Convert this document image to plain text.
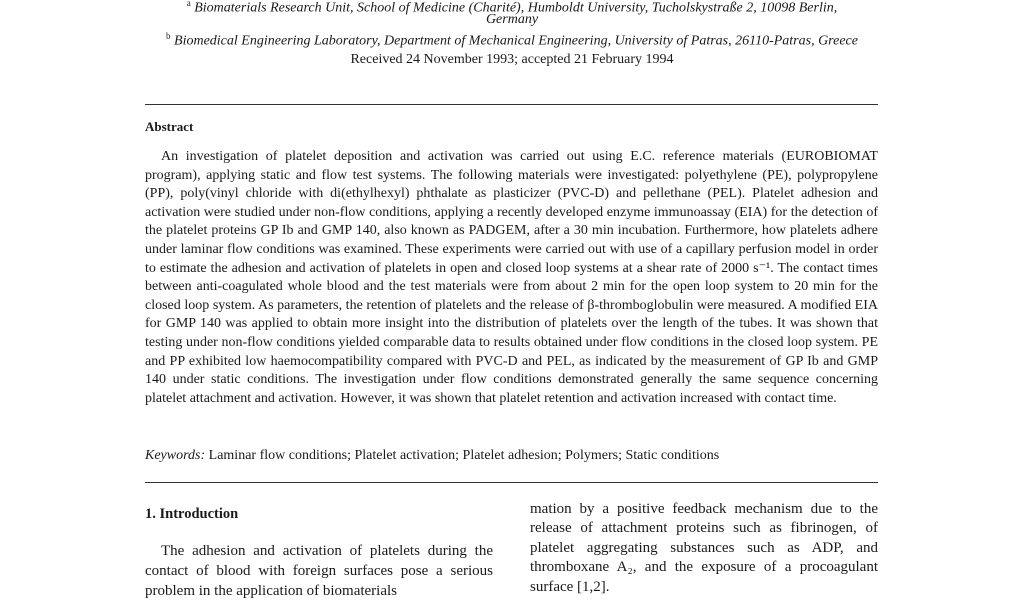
$^a$ Biomaterials Research Unit, School of Medicine (Charité), Humboldt University, Tucholskystraße 2, 10098 Berlin,
Germany
$^b$ Biomedical Engineering Laboratory, Department of Mechanical Engineering, University of Patras, 26110-Patras, Greece
Received 24 November 1993; accepted 21 February 1994
Abstract
An investigation of platelet deposition and activation was carried out using E.C. reference materials (EUROBIOMAT program), applying static and flow test systems. The following materials were investigated: polyethylene (PE), polypropylene (PP), poly(vinyl chloride with di(ethylhexyl) phthalate as plasticizer (PVC-D) and pellethane (PEL). Platelet adhesion and activation were studied under non-flow conditions, applying a recently developed enzyme immunoassay (EIA) for the detection of the platelet proteins GP Ib and GMP 140, also known as PADGEM, after a 30 min incubation. Furthermore, how platelets adhere under laminar flow conditions was examined. These experiments were carried out with use of a capillary perfusion model in order to estimate the adhesion and activation of platelets in open and closed loop systems at a shear rate of 2000 s⁻¹. The contact times between anti-coagulated whole blood and the test materials were from about 2 min for the open loop system to 20 min for the closed loop system. As parameters, the retention of platelets and the release of β-thromboglobulin were measured. A modified EIA for GMP 140 was applied to obtain more insight into the distribution of platelets over the length of the tubes. It was shown that testing under non-flow conditions yielded comparable data to results obtained under flow conditions in the closed loop system. PE and PP exhibited low haemocompatibility compared with PVC-D and PEL, as indicated by the measurement of GP Ib and GMP 140 under static conditions. The investigation under flow conditions demonstrated generally the same sequence concerning platelet attachment and activation. However, it was shown that platelet retention and activation increased with contact time.
Keywords: Laminar flow conditions; Platelet activation; Platelet adhesion; Polymers; Static conditions
1. Introduction
The adhesion and activation of platelets during the contact of blood with foreign surfaces pose a serious problem in the application of biomaterials
mation by a positive feedback mechanism due to the release of attachment proteins such as fibrinogen, of platelet aggregating substances such as ADP, and thromboxane A₂, and the exposure of a procoagulant surface [1,2].
